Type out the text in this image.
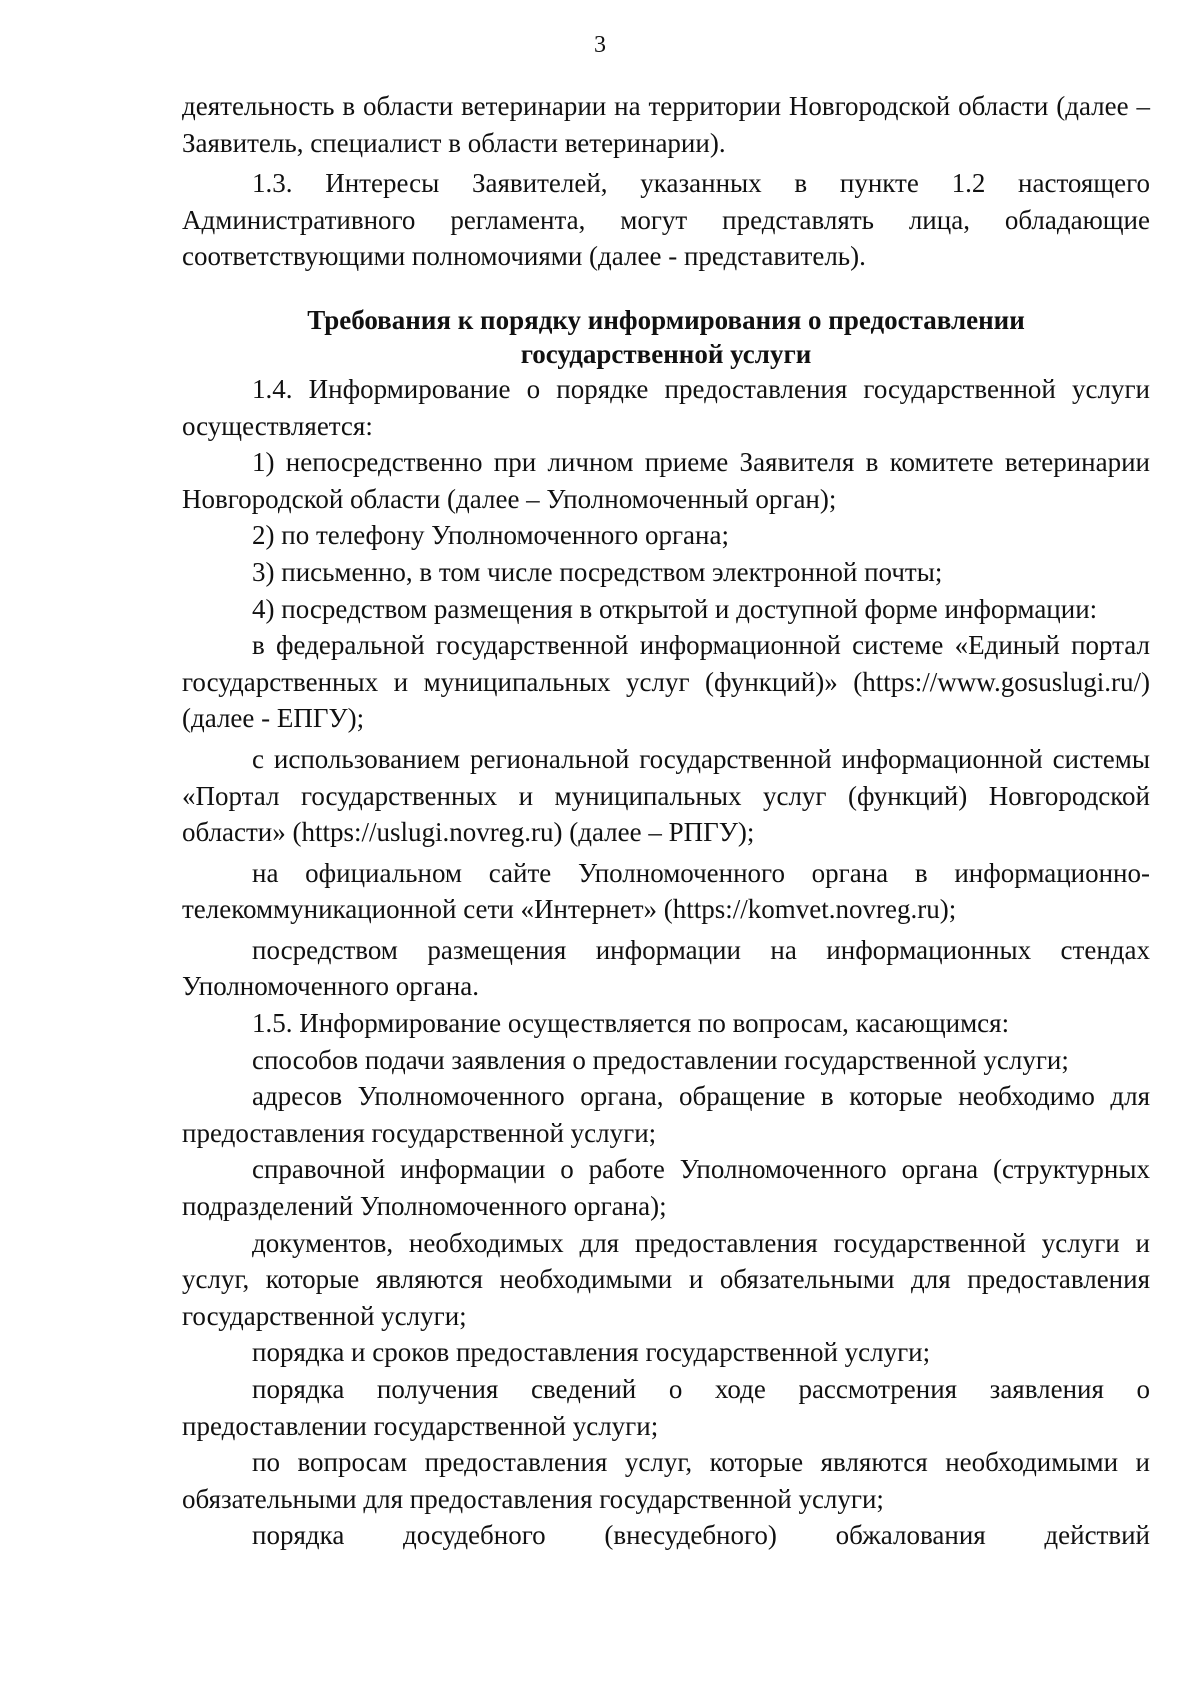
3

деятельность в области ветеринарии на территории Новгородской области (далее – Заявитель, специалист в области ветеринарии).

1.3. Интересы Заявителей, указанных в пункте 1.2 настоящего Административного регламента, могут представлять лица, обладающие соответствующими полномочиями (далее - представитель).

Требования к порядку информирования о предоставлении
государственной услуги

1.4. Информирование о порядке предоставления государственной услуги осуществляется:

1) непосредственно при личном приеме Заявителя в комитете ветеринарии Новгородской области (далее – Уполномоченный орган);

2) по телефону Уполномоченного органа;

3) письменно, в том числе посредством электронной почты;

4) посредством размещения в открытой и доступной форме информации:

в федеральной государственной информационной системе «Единый портал государственных и муниципальных услуг (функций)» (https://www.gosuslugi.ru/) (далее - ЕПГУ);

с использованием региональной государственной информационной системы «Портал государственных и муниципальных услуг (функций) Новгородской области» (https://uslugi.novreg.ru) (далее – РПГУ);

на официальном сайте Уполномоченного органа в информационно-телекоммуникационной сети «Интернет» (https://komvet.novreg.ru);

посредством размещения информации на информационных стендах Уполномоченного органа.

1.5. Информирование осуществляется по вопросам, касающимся:

способов подачи заявления о предоставлении государственной услуги;

адресов Уполномоченного органа, обращение в которые необходимо для предоставления государственной услуги;

справочной информации о работе Уполномоченного органа (структурных подразделений Уполномоченного органа);

документов, необходимых для предоставления государственной услуги и услуг, которые являются необходимыми и обязательными для предоставления государственной услуги;

порядка и сроков предоставления государственной услуги;

порядка получения сведений о ходе рассмотрения заявления о предоставлении государственной услуги;

по вопросам предоставления услуг, которые являются необходимыми и обязательными для предоставления государственной услуги;

порядка досудебного (внесудебного) обжалования действий
